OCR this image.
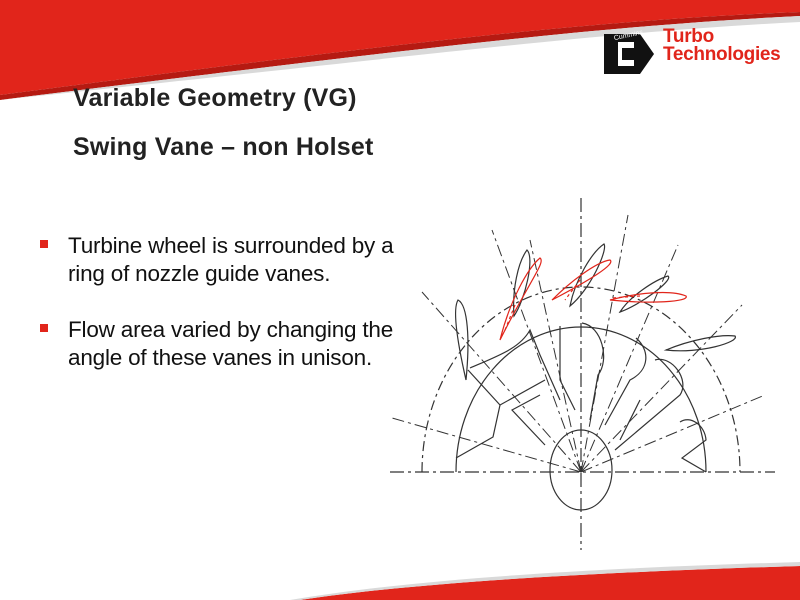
Cummins Turbo
Technologies
Variable Geometry (VG)
Swing Vane – non Holset
Turbine wheel is surrounded by a ring of nozzle guide vanes.
Flow area varied by changing the angle of these vanes in unison.
